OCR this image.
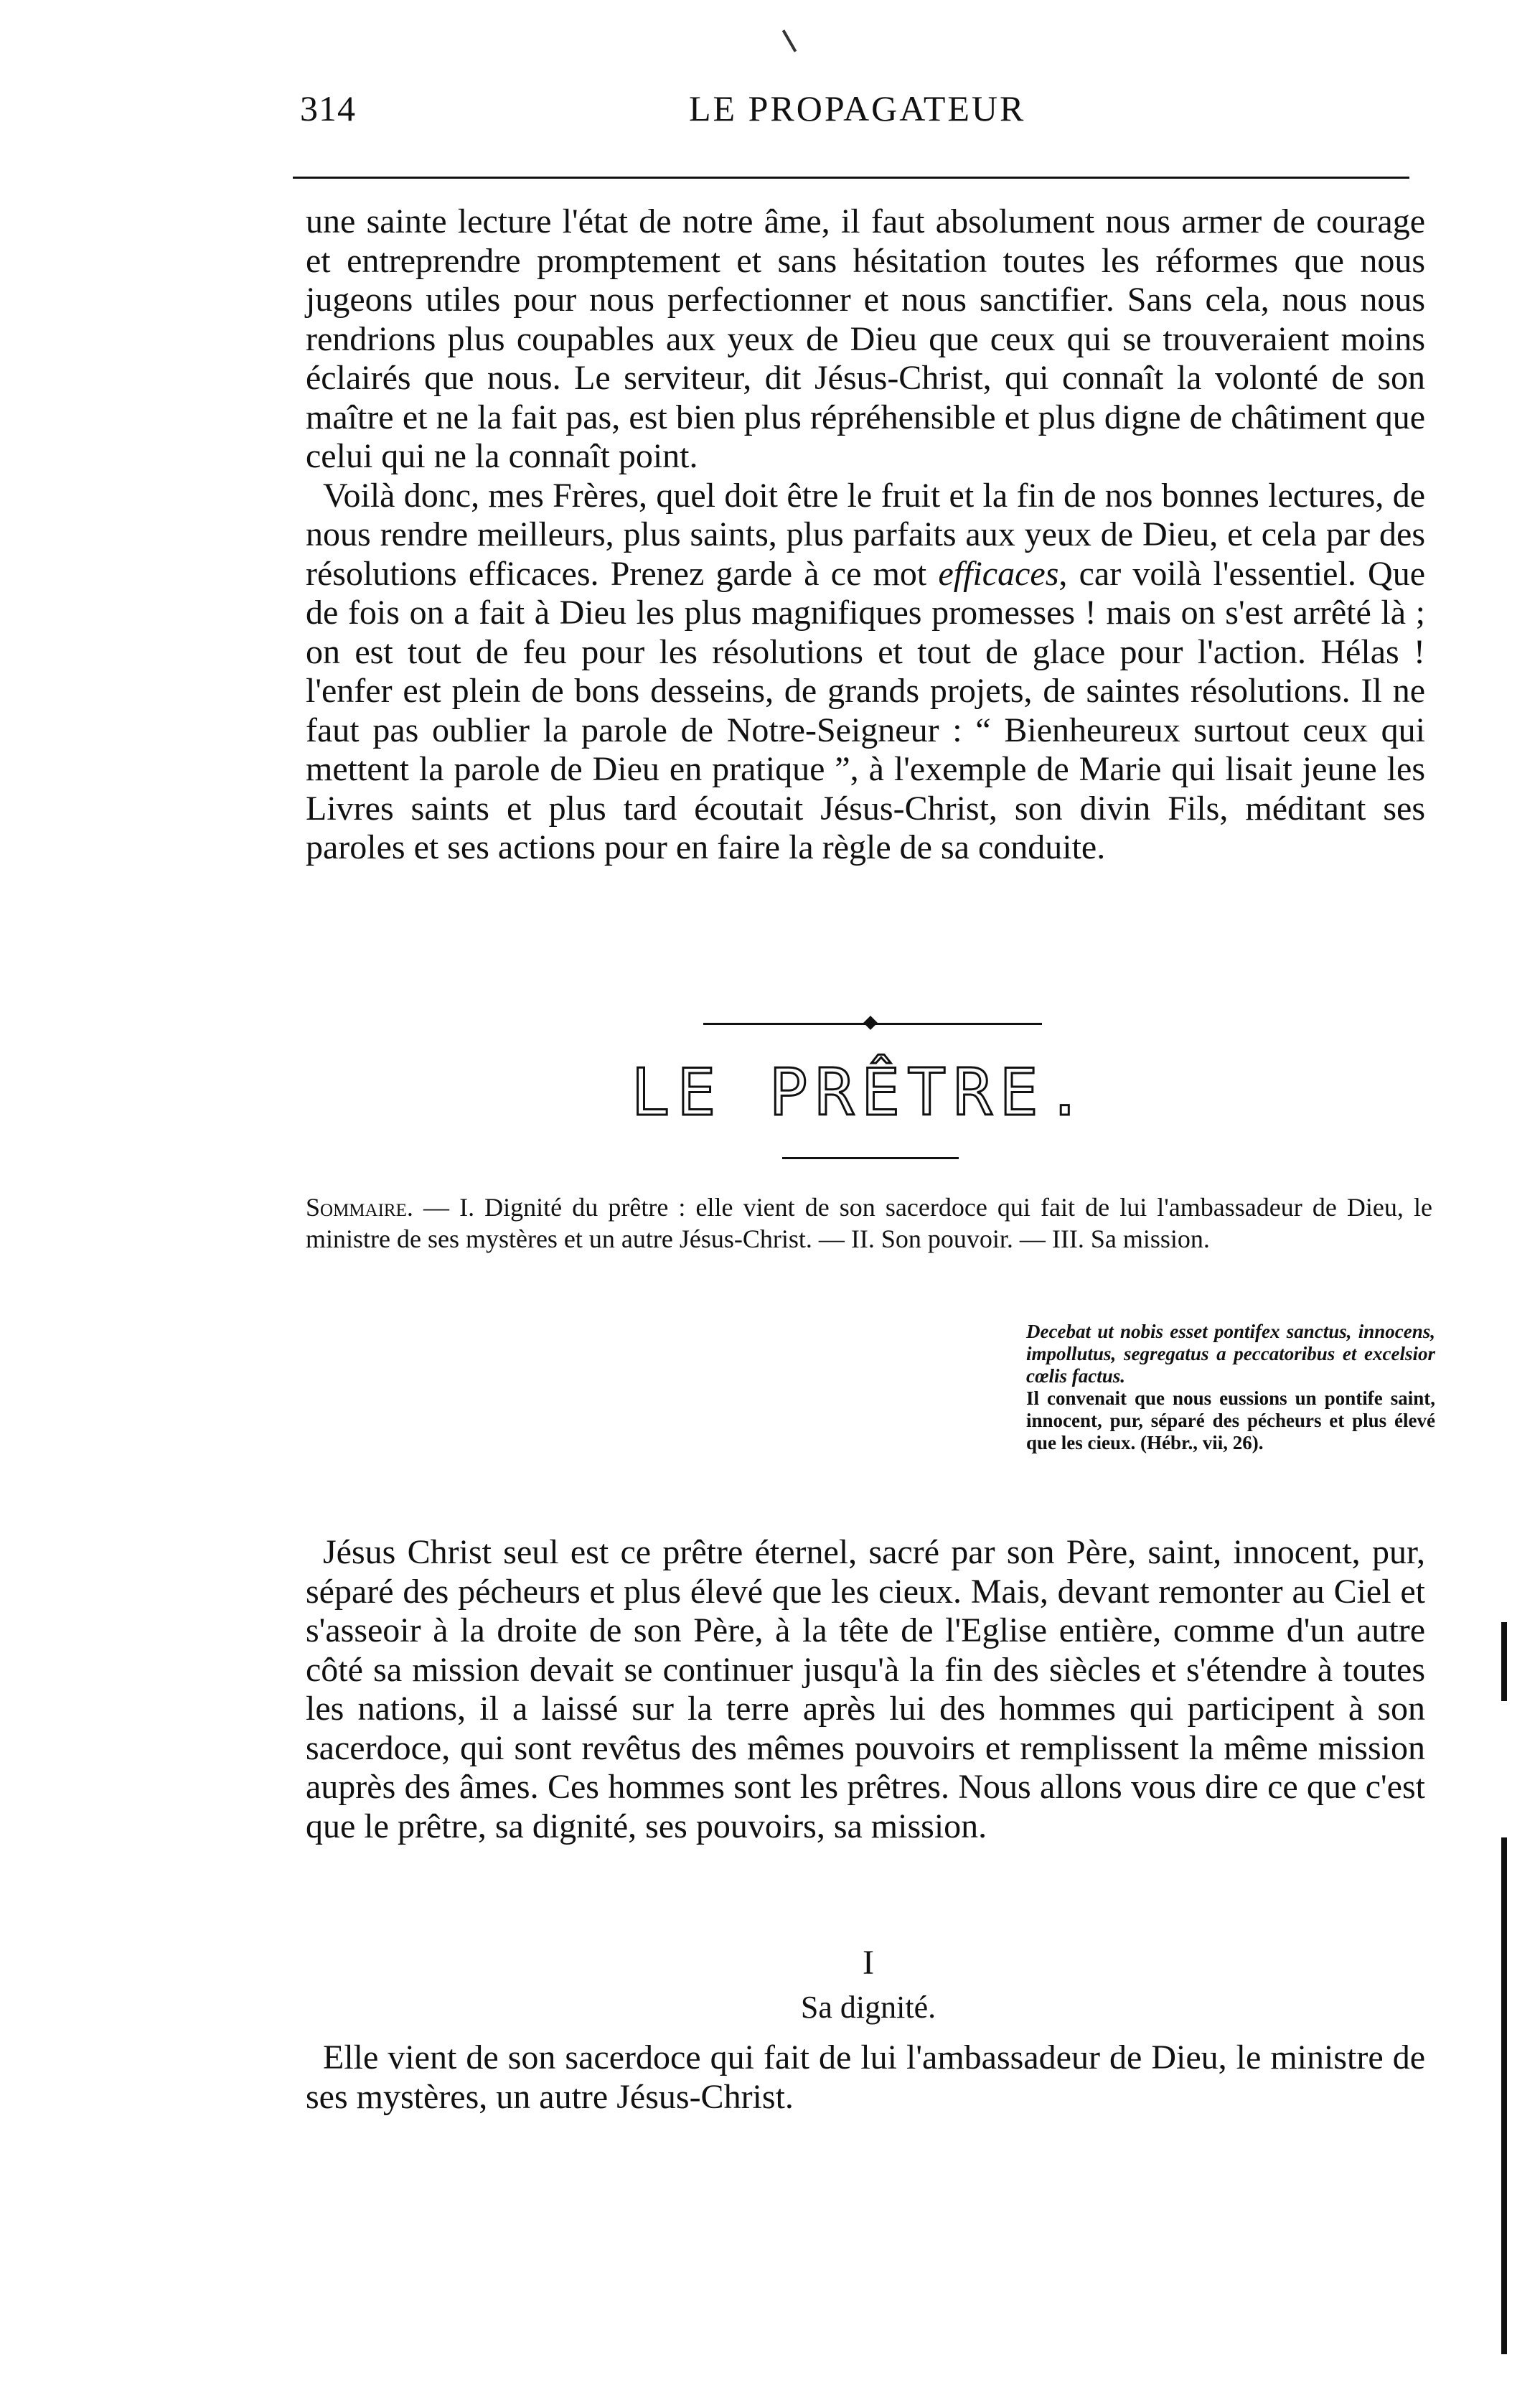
314	LE PROPAGATEUR

une sainte lecture l'état de notre âme, il faut absolument nous armer de courage et entreprendre promptement et sans hésitation toutes les réformes que nous jugeons utiles pour nous perfectionner et nous sanctifier. Sans cela, nous nous rendrions plus coupables aux yeux de Dieu que ceux qui se trouveraient moins éclairés que nous. Le serviteur, dit Jésus-Christ, qui connaît la volonté de son maître et ne la fait pas, est bien plus répréhensible et plus digne de châtiment que celui qui ne la connaît point.

Voilà donc, mes Frères, quel doit être le fruit et la fin de nos bonnes lectures, de nous rendre meilleurs, plus saints, plus parfaits aux yeux de Dieu, et cela par des résolutions efficaces. Prenez garde à ce mot efficaces, car voilà l'essentiel. Que de fois on a fait à Dieu les plus magnifiques promesses ! mais on s'est arrêté là ; on est tout de feu pour les résolutions et tout de glace pour l'action. Hélas ! l'enfer est plein de bons desseins, de grands projets, de saintes résolutions. Il ne faut pas oublier la parole de Notre-Seigneur : “ Bienheureux surtout ceux qui mettent la parole de Dieu en pratique ”, à l'exemple de Marie qui lisait jeune les Livres saints et plus tard écoutait Jésus-Christ, son divin Fils, méditant ses paroles et ses actions pour en faire la règle de sa conduite.

LE PRÊTRE.
Sommaire. — I. Dignité du prêtre : elle vient de son sacerdoce qui fait de lui l'ambassadeur de Dieu, le ministre de ses mystères et un autre Jésus-Christ. — II. Son pouvoir. — III. Sa mission.
Decebat ut nobis esset pontifex sanctus, innocens, impollutus, segregatus a peccatoribus et excelsior cœlis factus.
Il convenait que nous eussions un pontife saint, innocent, pur, séparé des pécheurs et plus élevé que les cieux. (Hébr., vii, 26).

Jésus Christ seul est ce prêtre éternel, sacré par son Père, saint, innocent, pur, séparé des pécheurs et plus élevé que les cieux. Mais, devant remonter au Ciel et s'asseoir à la droite de son Père, à la tête de l'Eglise entière, comme d'un autre côté sa mission devait se continuer jusqu'à la fin des siècles et s'étendre à toutes les nations, il a laissé sur la terre après lui des hommes qui participent à son sacerdoce, qui sont revêtus des mêmes pouvoirs et remplissent la même mission auprès des âmes. Ces hommes sont les prêtres. Nous allons vous dire ce que c'est que le prêtre, sa dignité, ses pouvoirs, sa mission.

I
Sa dignité.

Elle vient de son sacerdoce qui fait de lui l'ambassadeur de Dieu, le ministre de ses mystères, un autre Jésus-Christ.
